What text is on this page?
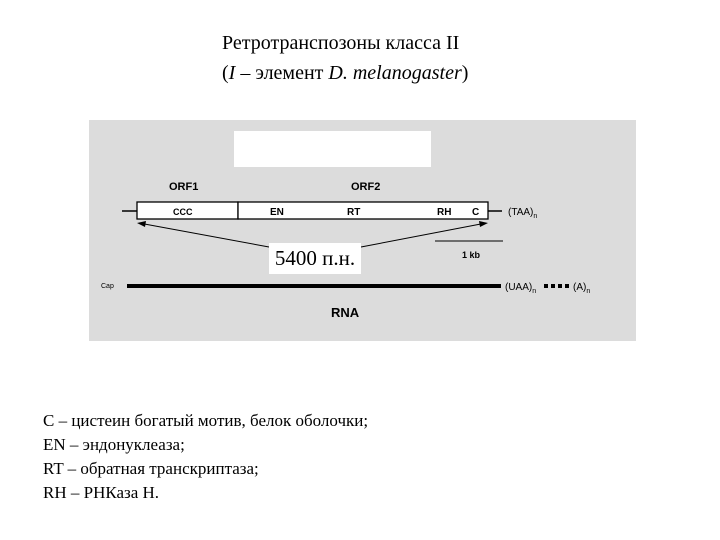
Ретротранспозоны класса II
(I – элемент D. melanogaster)
ORF1	ORF2
CCC	EN	RT	RH C	$(TAA)_n$
1 kb
Cap	$(UAA)_n$	$(A)_n$
RNA
5400 п.н.
C – цистеин богатый мотив, белок оболочки;
EN – эндонуклеаза;
RT – обратная транскриптаза;
RH – РНКаза Н.
